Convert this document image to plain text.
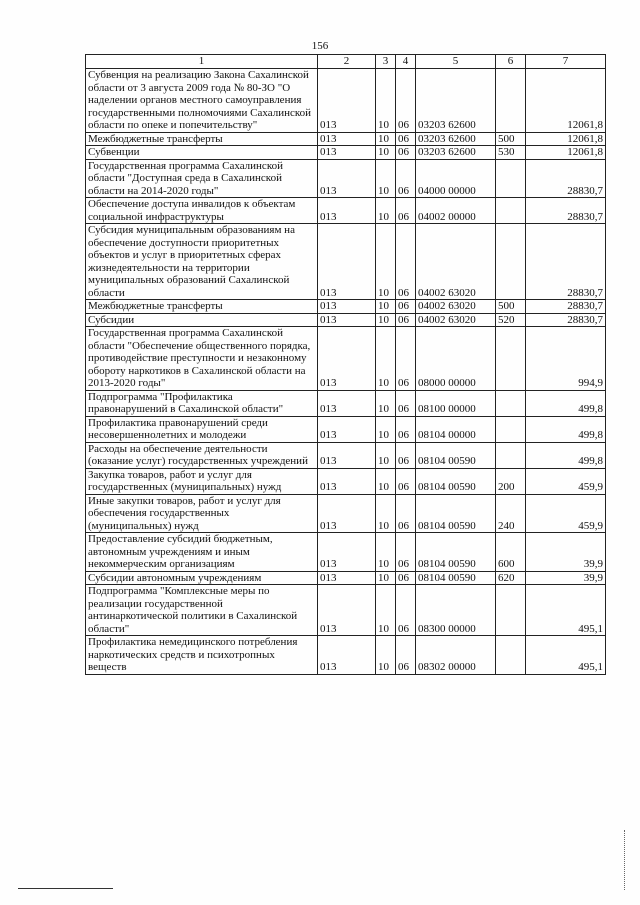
156
1	2	3	4	5	6	7
Субвенция на реализацию Закона Сахалинской области от 3 августа 2009 года № 80-ЗО "О наделении органов местного самоуправления государственными полномочиями Сахалинской области по опеке и попечительству"	013	10	06	03203 62600		12061,8
Межбюджетные трансферты	013	10	06	03203 62600	500	12061,8
Субвенции	013	10	06	03203 62600	530	12061,8
Государственная программа Сахалинской области "Доступная среда в Сахалинской области на 2014-2020 годы"	013	10	06	04000 00000		28830,7
Обеспечение доступа инвалидов к объектам социальной инфраструктуры	013	10	06	04002 00000		28830,7
Субсидия муниципальным образованиям на обеспечение доступности приоритетных объектов и услуг в приоритетных сферах жизнедеятельности на территории муниципальных образований Сахалинской области	013	10	06	04002 63020		28830,7
Межбюджетные трансферты	013	10	06	04002 63020	500	28830,7
Субсидии	013	10	06	04002 63020	520	28830,7
Государственная программа Сахалинской области "Обеспечение общественного порядка, противодействие преступности и незаконному обороту наркотиков в Сахалинской области на 2013-2020 годы"	013	10	06	08000 00000		994,9
Подпрограмма "Профилактика правонарушений в Сахалинской области"	013	10	06	08100 00000		499,8
Профилактика правонарушений среди несовершеннолетних и молодежи	013	10	06	08104 00000		499,8
Расходы на обеспечение деятельности (оказание услуг) государственных учреждений	013	10	06	08104 00590		499,8
Закупка товаров, работ и услуг для государственных (муниципальных) нужд	013	10	06	08104 00590	200	459,9
Иные закупки товаров, работ и услуг для обеспечения государственных (муниципальных) нужд	013	10	06	08104 00590	240	459,9
Предоставление субсидий бюджетным, автономным учреждениям и иным некоммерческим организациям	013	10	06	08104 00590	600	39,9
Субсидии автономным учреждениям	013	10	06	08104 00590	620	39,9
Подпрограмма "Комплексные меры по реализации государственной антинаркотической политики в Сахалинской области"	013	10	06	08300 00000		495,1
Профилактика немедицинского потребления наркотических средств и психотропных веществ	013	10	06	08302 00000		495,1
